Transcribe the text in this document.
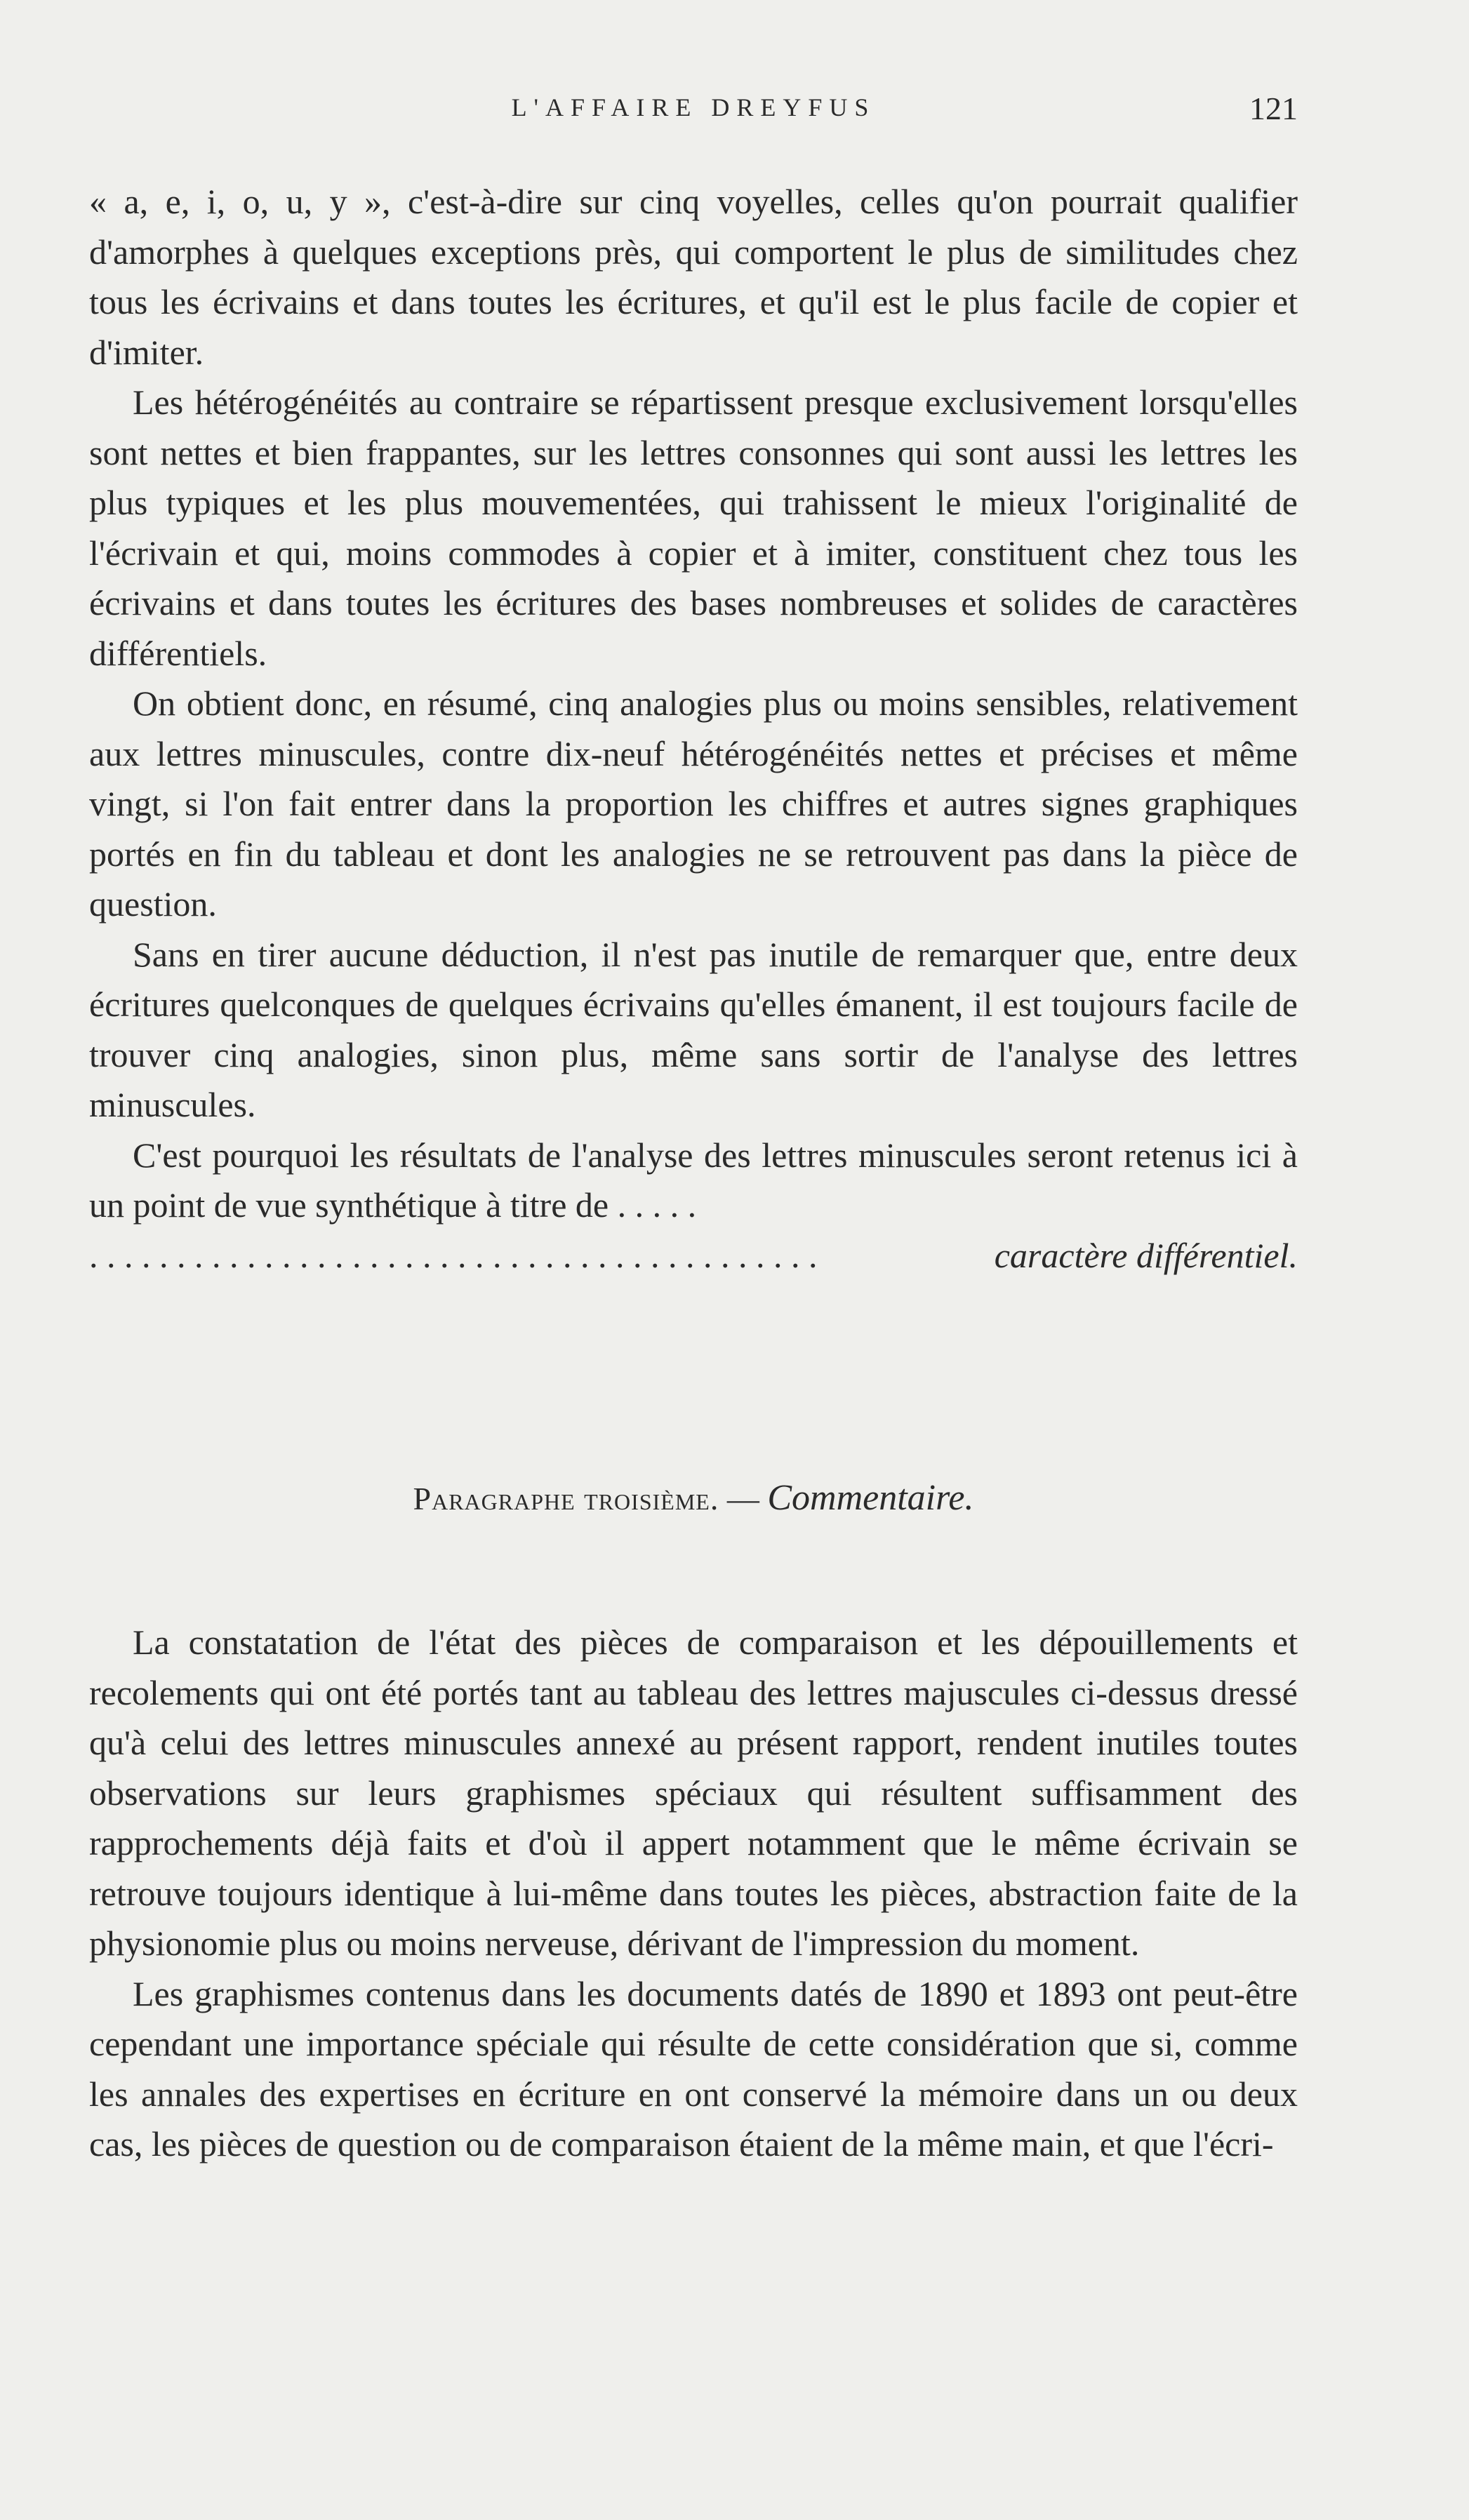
L'AFFAIRE DREYFUS	121

« a, e, i, o, u, y », c'est-à-dire sur cinq voyelles, celles qu'on pourrait qualifier d'amorphes à quelques exceptions près, qui comportent le plus de similitudes chez tous les écrivains et dans toutes les écritures, et qu'il est le plus facile de copier et d'imiter.

Les hétérogénéités au contraire se répartissent presque exclusivement lorsqu'elles sont nettes et bien frappantes, sur les lettres consonnes qui sont aussi les lettres les plus typiques et les plus mouvementées, qui trahissent le mieux l'originalité de l'écrivain et qui, moins commodes à copier et à imiter, constituent chez tous les écrivains et dans toutes les écritures des bases nombreuses et solides de caractères différentiels.

On obtient donc, en résumé, cinq analogies plus ou moins sensibles, relativement aux lettres minuscules, contre dix-neuf hétérogénéités nettes et précises et même vingt, si l'on fait entrer dans la proportion les chiffres et autres signes graphiques portés en fin du tableau et dont les analogies ne se retrouvent pas dans la pièce de question.

Sans en tirer aucune déduction, il n'est pas inutile de remarquer que, entre deux écritures quelconques de quelques écrivains qu'elles émanent, il est toujours facile de trouver cinq analogies, sinon plus, même sans sortir de l'analyse des lettres minuscules.

C'est pourquoi les résultats de l'analyse des lettres minuscules seront retenus ici à un point de vue synthétique à titre de . . . . .

. . .
caractère différentiel.
Paragraphe troisième. — Commentaire.

La constatation de l'état des pièces de comparaison et les dépouillements et recolements qui ont été portés tant au tableau des lettres majuscules ci-dessus dressé qu'à celui des lettres minuscules annexé au présent rapport, rendent inutiles toutes observations sur leurs graphismes spéciaux qui résultent suffisamment des rapprochements déjà faits et d'où il appert notamment que le même écrivain se retrouve toujours identique à lui-même dans toutes les pièces, abstraction faite de la physionomie plus ou moins nerveuse, dérivant de l'impression du moment.

Les graphismes contenus dans les documents datés de 1890 et 1893 ont peut-être cependant une importance spéciale qui résulte de cette considération que si, comme les annales des expertises en écriture en ont conservé la mémoire dans un ou deux cas, les pièces de question ou de comparaison étaient de la même main, et que l'écri-
